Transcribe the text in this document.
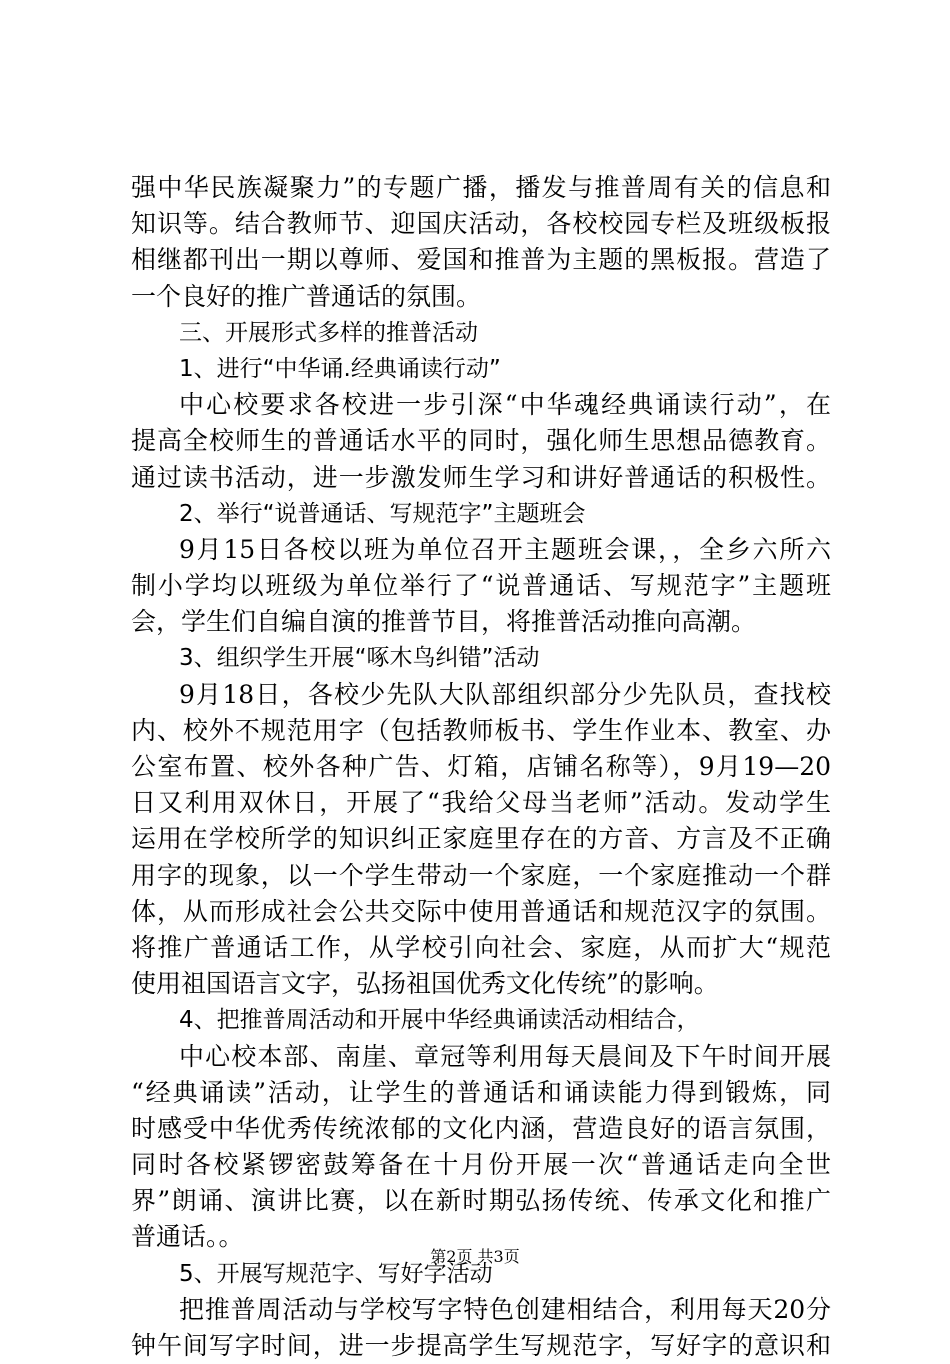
强中华民族凝聚力”的专题广播，播发与推普周有关的信息和
知识等。结合教师节、迎国庆活动，各校校园专栏及班级板报
相继都刊出一期以尊师、爱国和推普为主题的黑板报。营造了
一个良好的推广普通话的氛围。
三、开展形式多样的推普活动
1、进行“中华诵.经典诵读行动”
中心校要求各校进一步引深“中华魂经典诵读行动”，在
提高全校师生的普通话水平的同时，强化师生思想品德教育。
通过读书活动，进一步激发师生学习和讲好普通话的积极性。
2、举行“说普通话、写规范字”主题班会
9月15日各校以班为单位召开主题班会课，，全乡六所六
制小学均以班级为单位举行了“说普通话、写规范字”主题班
会，学生们自编自演的推普节目，将推普活动推向高潮。
3、组织学生开展“啄木鸟纠错”活动
9月18日，各校少先队大队部组织部分少先队员，查找校
内、校外不规范用字（包括教师板书、学生作业本、教室、办
公室布置、校外各种广告、灯箱，店铺名称等），9月19—20
日又利用双休日，开展了“我给父母当老师”活动。发动学生
运用在学校所学的知识纠正家庭里存在的方音、方言及不正确
用字的现象，以一个学生带动一个家庭，一个家庭推动一个群
体，从而形成社会公共交际中使用普通话和规范汉字的氛围。
将推广普通话工作，从学校引向社会、家庭，从而扩大“规范
使用祖国语言文字，弘扬祖国优秀文化传统”的影响。
4、把推普周活动和开展中华经典诵读活动相结合，
中心校本部、南崖、章冠等利用每天晨间及下午时间开展
“经典诵读”活动，让学生的普通话和诵读能力得到锻炼，同
时感受中华优秀传统浓郁的文化内涵，营造良好的语言氛围，
同时各校紧锣密鼓筹备在十月份开展一次“普通话走向全世
界”朗诵、演讲比赛，以在新时期弘扬传统、传承文化和推广
普通话。。
5、开展写规范字、写好字活动
把推普周活动与学校写字特色创建相结合，利用每天20分
钟午间写字时间，进一步提高学生写规范字，写好字的意识和
第2页 共3页
